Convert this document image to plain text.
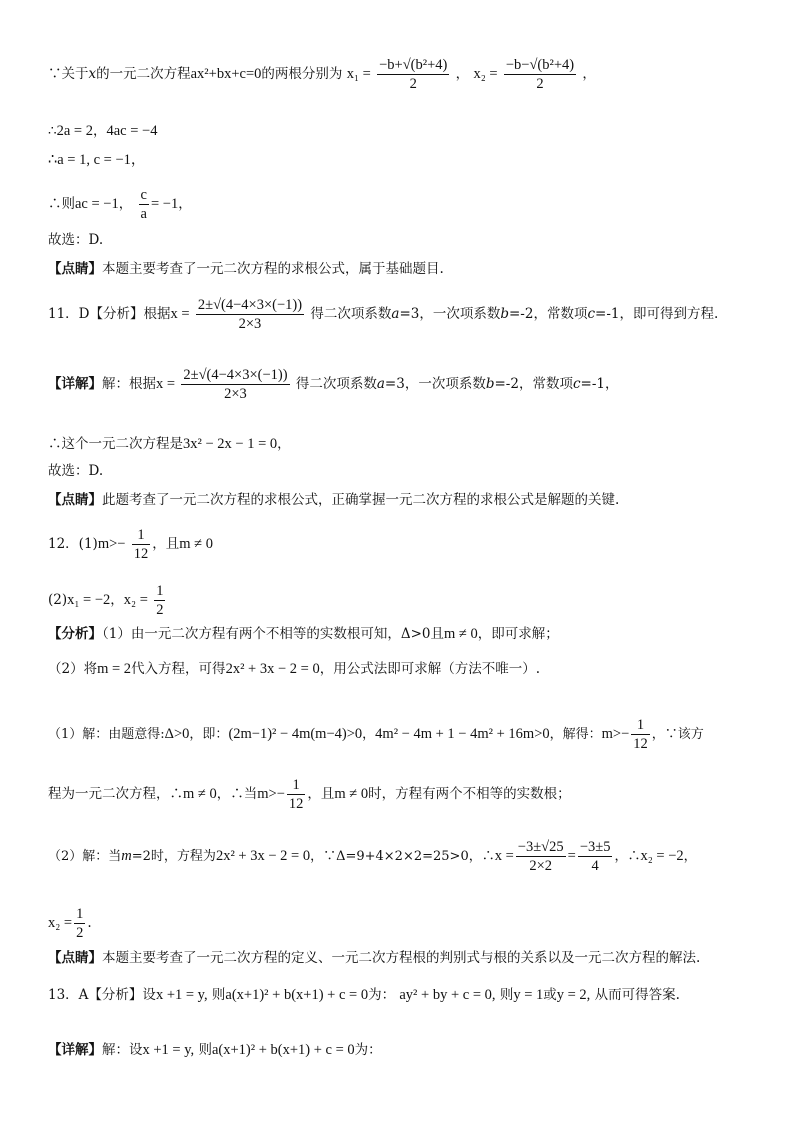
∵关于x的一元二次方程ax²+bx+c=0的两根分别为 $x_1 = \frac{\text{−b+√(b²+4)}}{2}$ ， $x_2 = \frac{\text{−b−√(b²+4)}}{2}$ ，
∴2a = 2，4ac = −4
∴a = 1, c = −1，
∴则ac = −1， $\frac{c}{a} = -1$，
故选：D.
【点睛】本题主要考查了一元二次方程的求根公式，属于基础题目.
11．D【分析】根据$x = \frac{2\pm√(4-4\times 3\times(-1))}{2\times 3}$ 得二次项系数a=3，一次项系数b=-2，常数项c=-1，即可得到方程.
【详解】解：根据$x = \frac{2\pm√(4-4\times 3\times(-1))}{2\times 3}$ 得二次项系数a=3，一次项系数b=-2，常数项c=-1，
∴这个一元二次方程是3x² − 2x − 1 = 0，
故选：D.
【点睛】此题考查了一元二次方程的求根公式，正确掌握一元二次方程的求根公式是解题的关键.
12．$(1)m>- \frac{1}{12}$ ，且m ≠ 0
(2)x₁ = −2，$x_2 = \frac{1}{2}$
【分析】（1）由一元二次方程有两个不相等的实数根可知，Δ>0且m ≠ 0，即可求解；
（2）将m = 2代入方程，可得2x² + 3x − 2 = 0，用公式法即可求解（方法不唯一）.
（1）解：由题意得:Δ>0，即：(2m−1)² − 4m(m−4)>0，4m² − 4m + 1 − 4m² + 16m>0，解得：$m>- \frac{1}{12}$ ，∵该方
程为一元二次方程，∴m ≠ 0，∴当$m>- \frac{1}{12}$ ，且m ≠ 0时，方程有两个不相等的实数根；
（2）解：当m=2时，方程为2x² + 3x − 2 = 0，∵Δ=9+4×2×2=25>0，∴x = $\frac{-3\pm√25}{2\times 2} = \frac{-3\pm 5}{4}$ ，∴x₂ = −2，
$x_2 = \frac{1}{2}$ .
【点睛】本题主要考查了一元二次方程的定义、一元二次方程根的判别式与根的关系以及一元二次方程的解法.
13．A【分析】设x +1 = y, 则a(x+1)² + b(x+1) + c = 0为： ay² + by + c = 0, 则y = 1或y = 2, 从而可得答案.
【详解】解：设x +1 = y, 则a(x+1)² + b(x+1) + c = 0为：
